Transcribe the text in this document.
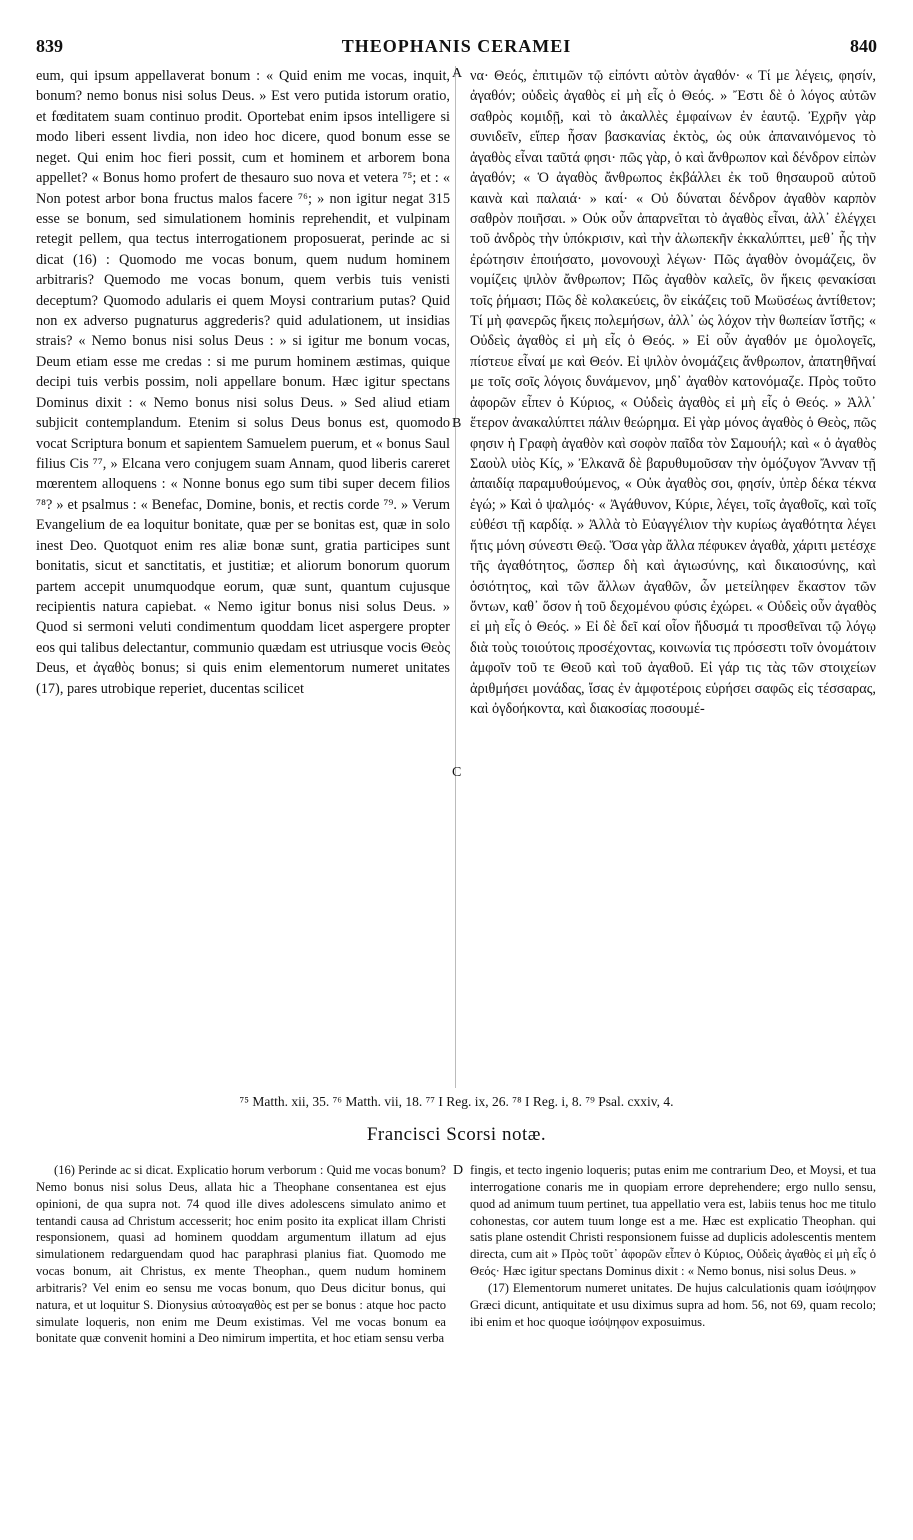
839	THEOPHANIS CERAMEI	840

eum, qui ipsum appellaverat bonum : « Quid enim me vocas, inquit, bonum? nemo bonus nisi solus Deus. » Est vero putida istorum oratio, et fœditatem suam continuo prodit. Oportebat enim ipsos intelligere si modo liberi essent livdia, non ideo hoc dicere, quod bonum esse se neget. Qui enim hoc fieri possit, cum et hominem et arborem bona appellet? « Bonus homo profert de thesauro suo nova et vetera ⁷⁵; et : « Non potest arbor bona fructus malos facere ⁷⁶; » non igitur negat 315 esse se bonum, sed simulationem hominis reprehendit, et vulpinam retegit pellem, qua tectus interrogationem proposuerat, perinde ac si dicat (16) : Quomodo me vocas bonum, quem nudum hominem arbitraris? Quemodo me vocas bonum, quem verbis tuis venisti deceptum? Quomodo adularis ei quem Moysi contrarium putas? Quid non ex adverso pugnaturus aggrederis? quid adulationem, ut insidias strais? « Nemo bonus nisi solus Deus : » si igitur me bonum vocas, Deum etiam esse me credas : si me purum hominem æstimas, quique decipi tuis verbis possim, noli appellare bonum. Hæc igitur spectans Dominus dixit : « Nemo bonus nisi solus Deus. » Sed aliud etiam subjicit contemplandum. Etenim si solus Deus bonus est, quomodo vocat Scriptura bonum et sapientem Samuelem puerum, et « bonus Saul filius Cis ⁷⁷, » Elcana vero conjugem suam Annam, quod liberis careret mœrentem alloquens : « Nonne bonus ego sum tibi super decem filios ⁷⁸? » et psalmus : « Benefac, Domine, bonis, et rectis corde ⁷⁹. » Verum Evangelium de ea loquitur bonitate, quæ per se bonitas est, quæ in solo inest Deo. Quotquot enim res aliæ bonæ sunt, gratia participes sunt bonitatis, sicut et sanctitatis, et justitiæ; et aliorum bonorum quorum partem accepit unumquodque eorum, quæ sunt, quantum cujusque recipientis natura capiebat. « Nemo igitur bonus nisi solus Deus. » Quod si sermoni veluti condimentum quoddam licet aspergere propter eos qui talibus delectantur, communio quædam est utriusque vocis Θεὸς Deus, et ἀγαθὸς bonus; si quis enim elementorum numeret unitates (17), pares utrobique reperiet, ducentas scilicet

A
B
C
D

να· Θεός, ἐπιτιμῶν τῷ εἰπόντι αὐτὸν ἀγαθόν· « Τί με λέγεις, φησίν, ἀγαθόν; οὐδεὶς ἀγαθὸς εἰ μὴ εἷς ὁ Θεός. » Ἔστι δὲ ὁ λόγος αὐτῶν σαθρὸς κομιδῇ, καὶ τὸ ἀκαλλὲς ἐμφαίνων ἐν ἑαυτῷ. Ἐχρῆν γὰρ συνιδεῖν, εἴπερ ἦσαν βασκανίας ἐκτὸς, ὡς οὐκ ἀπαναινόμενος τὸ ἀγαθὸς εἶναι ταῦτά φησι· πῶς γὰρ, ὁ καὶ ἄνθρωπον καὶ δένδρον εἰπὼν ἀγαθόν; « Ὁ ἀγαθὸς ἄνθρωπος ἐκβάλλει ἐκ τοῦ θησαυροῦ αὐτοῦ καινὰ καὶ παλαιά· » καί· « Οὐ δύναται δένδρον ἀγαθὸν καρπὸν σαθρὸν ποιῆσαι. » Οὐκ οὖν ἀπαρνεῖται τὸ ἀγαθὸς εἶναι, ἀλλ᾽ ἐλέγχει τοῦ ἀνδρὸς τὴν ὑπόκρισιν, καὶ τὴν ἀλωπεκῆν ἐκκαλύπτει, μεθ᾽ ἧς τὴν ἐρώτησιν ἐποιήσατο, μονονουχὶ λέγων· Πῶς ἀγαθὸν ὀνομάζεις, ὃν νομίζεις ψιλὸν ἄνθρωπον; Πῶς ἀγαθὸν καλεῖς, ὃν ἥκεις φενακίσαι τοῖς ῥήμασι; Πῶς δὲ κολακεύεις, ὃν εἰκάζεις τοῦ Μωϋσέως ἀντίθετον; Τί μὴ φανερῶς ἥκεις πολεμήσων, ἀλλ᾽ ὡς λόχον τὴν θωπείαν ἵστῆς; « Οὐδεὶς ἀγαθὸς εἰ μὴ εἷς ὁ Θεός. » Εἰ οὖν ἀγαθόν με ὁμολογεῖς, πίστευε εἶναί με καὶ Θεόν. Εἰ ψιλὸν ὀνομάζεις ἄνθρωπον, ἀπατηθῆναί με τοῖς σοῖς λόγοις δυνάμενον, μηδ᾽ ἀγαθὸν κατονόμαζε. Πρὸς τοῦτο ἀφορῶν εἶπεν ὁ Κύριος, « Οὐδεὶς ἀγαθὸς εἰ μὴ εἷς ὁ Θεός. » Ἀλλ᾽ ἕτερον ἀνακαλύπτει πάλιν θεώρημα. Εἰ γὰρ μόνος ἀγαθὸς ὁ Θεὸς, πῶς φησιν ἡ Γραφὴ ἀγαθὸν καὶ σοφὸν παῖδα τὸν Σαμουήλ; καὶ « ὁ ἀγαθὸς Σαοὺλ υἱὸς Κίς, » Ἐλκανᾶ δὲ βαρυθυμοῦσαν τὴν ὁμόζυγον Ἄνναν τῇ ἀπαιδίᾳ παραμυθούμενος, « Οὐκ ἀγαθὸς σοι, φησίν, ὑπὲρ δέκα τέκνα ἐγώ; » Καὶ ὁ ψαλμός· « Ἀγάθυνον, Κύριε, λέγει, τοῖς ἀγαθοῖς, καὶ τοῖς εὐθέσι τῇ καρδίᾳ. » Ἀλλὰ τὸ Εὐαγγέλιον τὴν κυρίως ἀγαθότητα λέγει ἥτις μόνη σύνεστι Θεῷ. Ὅσα γὰρ ἄλλα πέφυκεν ἀγαθὰ, χάριτι μετέσχε τῆς ἀγαθότητος, ὥσπερ δὴ καὶ ἁγιωσύνης, καὶ δικαιοσύνης, καὶ ὁσιότητος, καὶ τῶν ἄλλων ἀγαθῶν, ὧν μετείληφεν ἕκαστον τῶν ὄντων, καθ᾽ ὅσον ἡ τοῦ δεχομένου φύσις ἐχώρει. « Οὐδεὶς οὖν ἀγαθὸς εἰ μὴ εἷς ὁ Θεός. » Εἰ δὲ δεῖ καί οἷον ἥδυσμά τι προσθεῖναι τῷ λόγῳ διὰ τοὺς τοιούτοις προσέχοντας, κοινωνία τις πρόσεστι τοῖν ὀνομάτοιν ἀμφοῖν τοῦ τε Θεοῦ καὶ τοῦ ἀγαθοῦ. Εἰ γάρ τις τὰς τῶν στοιχείων ἀριθμήσει μονάδας, ἴσας ἐν ἀμφοτέροις εὑρήσει σαφῶς εἰς τέσσαρας, καὶ ὀγδοήκοντα, καὶ διακοσίας ποσουμέ-

⁷⁵ Matth. xii, 35. ⁷⁶ Matth. vii, 18. ⁷⁷ I Reg. ix, 26. ⁷⁸ I Reg. i, 8. ⁷⁹ Psal. cxxiv, 4.
Francisci Scorsi notæ.

(16) Perinde ac si dicat. Explicatio horum verborum : Quid me vocas bonum? Nemo bonus nisi solus Deus, allata hic a Theophane consentanea est ejus opinioni, de qua supra not. 74 quod ille dives adolescens simulato animo et tentandi causa ad Christum accesserit; hoc enim posito ita explicat illam Christi responsionem, quasi ad hominem quoddam argumentum illatum ad ejus simulationem redarguendam quod hac paraphrasi planius fiat. Quomodo me vocas bonum, ait Christus, ex mente Theophan., quem nudum hominem arbitraris? Vel enim eo sensu me vocas bonum, quo Deus dicitur bonus, qui natura, et ut loquitur S. Dionysius αὐτοαγαθὸς est per se bonus : atque hoc pacto simulate loqueris, non enim me Deum existimas. Vel me vocas bonum ea bonitate quæ convenit homini a Deo nimirum impertita, et hoc etiam sensu verba

fingis, et tecto ingenio loqueris; putas enim me contrarium Deo, et Moysi, et tua interrogatione conaris me in quopiam errore deprehendere; ergo nullo sensu, quod ad animum tuum pertinet, tua appellatio vera est, labiis tenus hoc me titulo cohonestas, cor autem tuum longe est a me. Hæc est explicatio Theophan. qui satis plane ostendit Christi responsionem fuisse ad duplicis adolescentis mentem directa, cum ait » Πρὸς τοῦτ᾽ ἀφορῶν εἶπεν ὁ Κύριος, Οὐδεὶς ἀγαθὸς εἰ μὴ εἷς ὁ Θεός· Hæc igitur spectans Dominus dixit : « Nemo bonus, nisi solus Deus. »

(17) Elementorum numeret unitates. De hujus calculationis quam ἰσόψηφον Græci dicunt, antiquitate et usu diximus supra ad hom. 56, not 69, quam recolo; ibi enim et hoc quoque ἰσόψηφον exposuimus.
